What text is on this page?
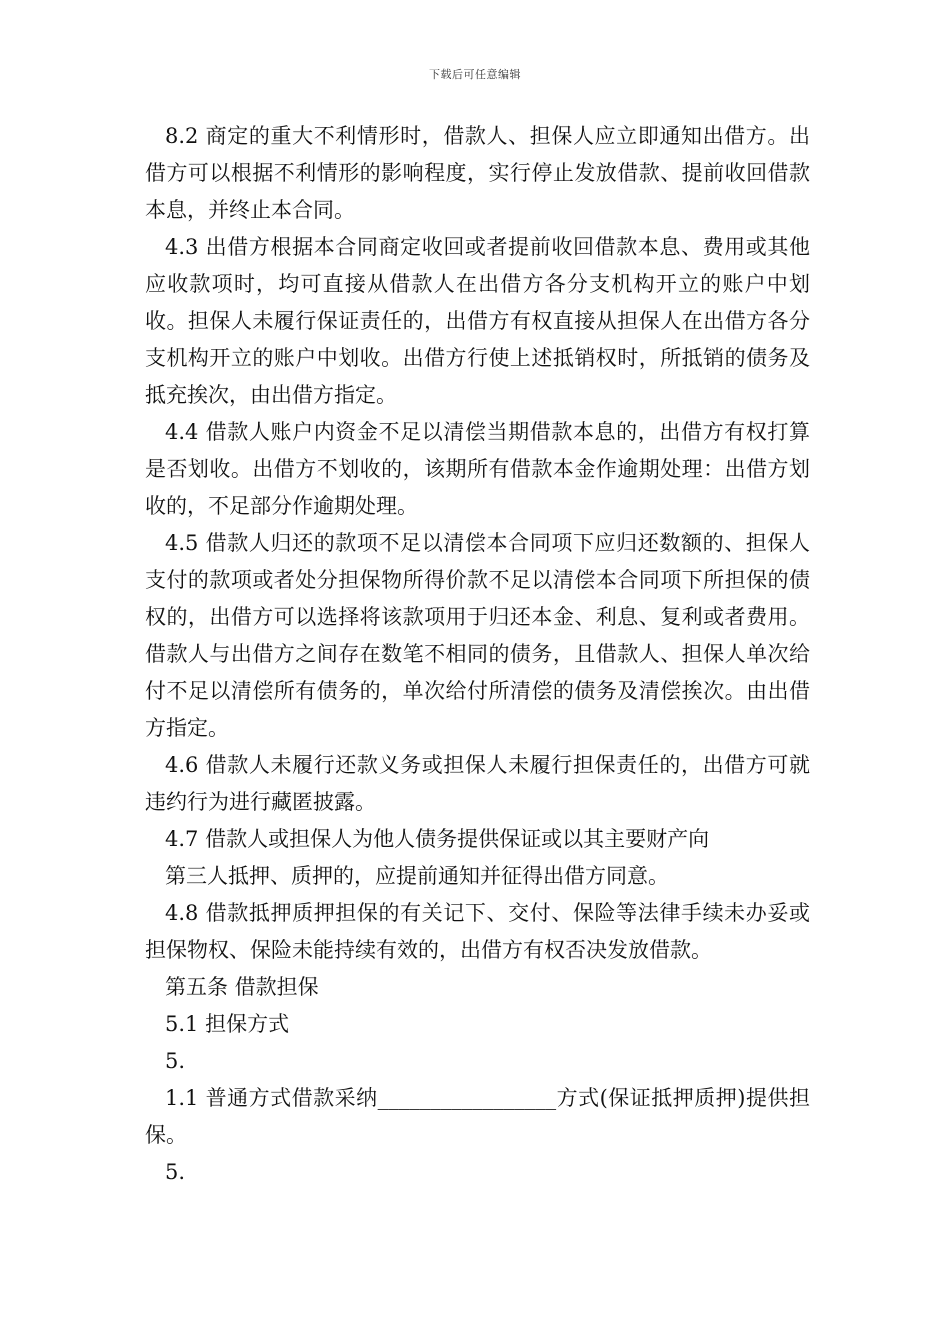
下载后可任意编辑

8.2 商定的重大不利情形时，借款人、担保人应立即通知出借方。出借方可以根据不利情形的影响程度，实行停止发放借款、提前收回借款本息，并终止本合同。

4.3 出借方根据本合同商定收回或者提前收回借款本息、费用或其他应收款项时，均可直接从借款人在出借方各分支机构开立的账户中划收。担保人未履行保证责任的，出借方有权直接从担保人在出借方各分支机构开立的账户中划收。出借方行使上述抵销权时，所抵销的债务及抵充挨次，由出借方指定。

4.4 借款人账户内资金不足以清偿当期借款本息的，出借方有权打算是否划收。出借方不划收的，该期所有借款本金作逾期处理：出借方划收的，不足部分作逾期处理。

4.5 借款人归还的款项不足以清偿本合同项下应归还数额的、担保人支付的款项或者处分担保物所得价款不足以清偿本合同项下所担保的债权的，出借方可以选择将该款项用于归还本金、利息、复利或者费用。借款人与出借方之间存在数笔不相同的债务，且借款人、担保人单次给付不足以清偿所有债务的，单次给付所清偿的债务及清偿挨次。由出借方指定。

4.6 借款人未履行还款义务或担保人未履行担保责任的，出借方可就违约行为进行藏匿披露。

4.7 借款人或担保人为他人债务提供保证或以其主要财产向

第三人抵押、质押的，应提前通知并征得出借方同意。

4.8 借款抵押质押担保的有关记下、交付、保险等法律手续未办妥或担保物权、保险未能持续有效的，出借方有权否决发放借款。

第五条 借款担保

5.1 担保方式

5.

1.1 普通方式借款采纳_________________方式(保证抵押质押)提供担保。

5.
